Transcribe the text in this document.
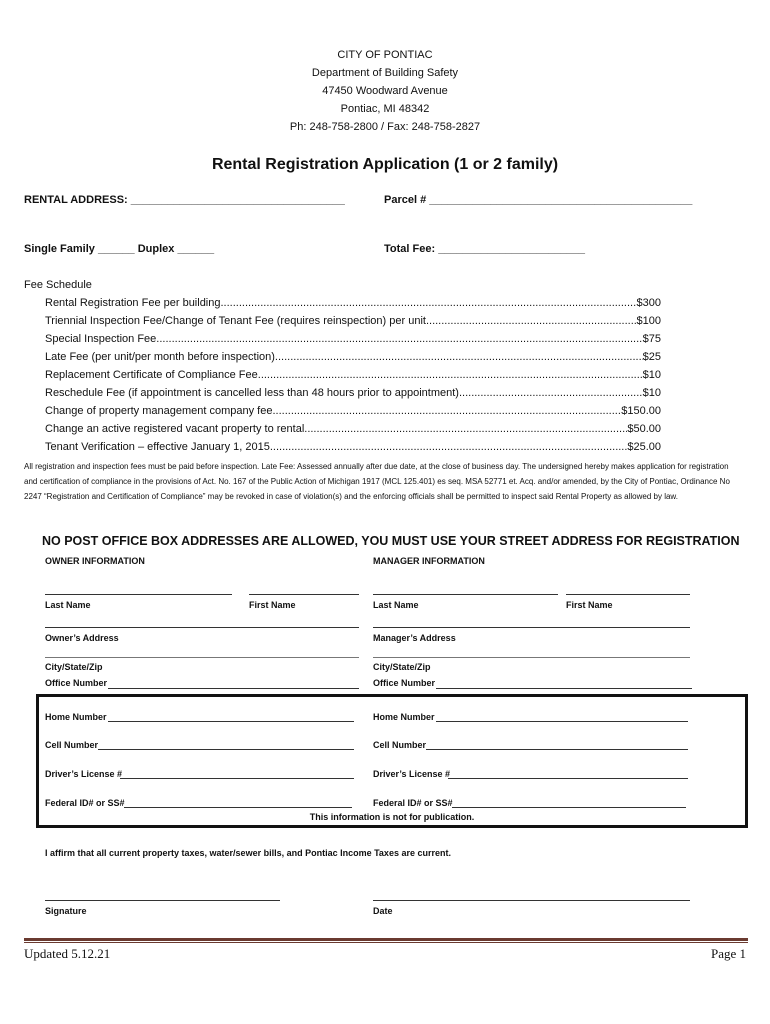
CITY OF PONTIAC
Department of Building Safety
47450 Woodward Avenue
Pontiac, MI 48342
Ph: 248-758-2800 / Fax: 248-758-2827
Rental Registration Application (1 or 2 family)
RENTAL ADDRESS: ___________________________________	Parcel # ___________________________________________
Single Family ______ Duplex ______	Total Fee: ________________________
Fee Schedule
Rental Registration Fee per building .....	$300
Triennial Inspection Fee/Change of Tenant Fee (requires reinspection) per unit .....	$100
Special Inspection Fee .....	$75
Late Fee (per unit/per month before inspection) .....	$25
Replacement Certificate of Compliance Fee .....	$10
Reschedule Fee (if appointment is cancelled less than 48 hours prior to appointment) .....	$10
Change of property management company fee .....	$150.00
Change an active registered vacant property to rental .....	$50.00
Tenant Verification – effective January 1, 2015 .....	$25.00
All registration and inspection fees must be paid before inspection. Late Fee: Assessed annually after due date, at the close of business day. The undersigned hereby makes application for registration and certification of compliance in the provisions of Act. No. 167 of the Public Action of Michigan 1917 (MCL 125.401) es seq. MSA 52771 et. Acq. and/or amended, by the City of Pontiac, Ordinance No 2247 “Registration and Certification of Compliance” may be revoked in case of violation(s) and the enforcing officials shall be permitted to inspect said Rental Property as allowed by law.
NO POST OFFICE BOX ADDRESSES ARE ALLOWED, YOU MUST USE YOUR STREET ADDRESS FOR REGISTRATION
OWNER INFORMATION	MANAGER INFORMATION
Last Name	First Name	Last Name	First Name
Owner’s Address	Manager’s Address
City/State/Zip	City/State/Zip
Office Number	Office Number
Home Number	Home Number
Cell Number	Cell Number
Driver’s License #	Driver’s License #
Federal ID# or SS#	Federal ID# or SS#
This information is not for publication.
I affirm that all current property taxes, water/sewer bills, and Pontiac Income Taxes are current.
Signature	Date
Updated 5.12.21	Page 1
